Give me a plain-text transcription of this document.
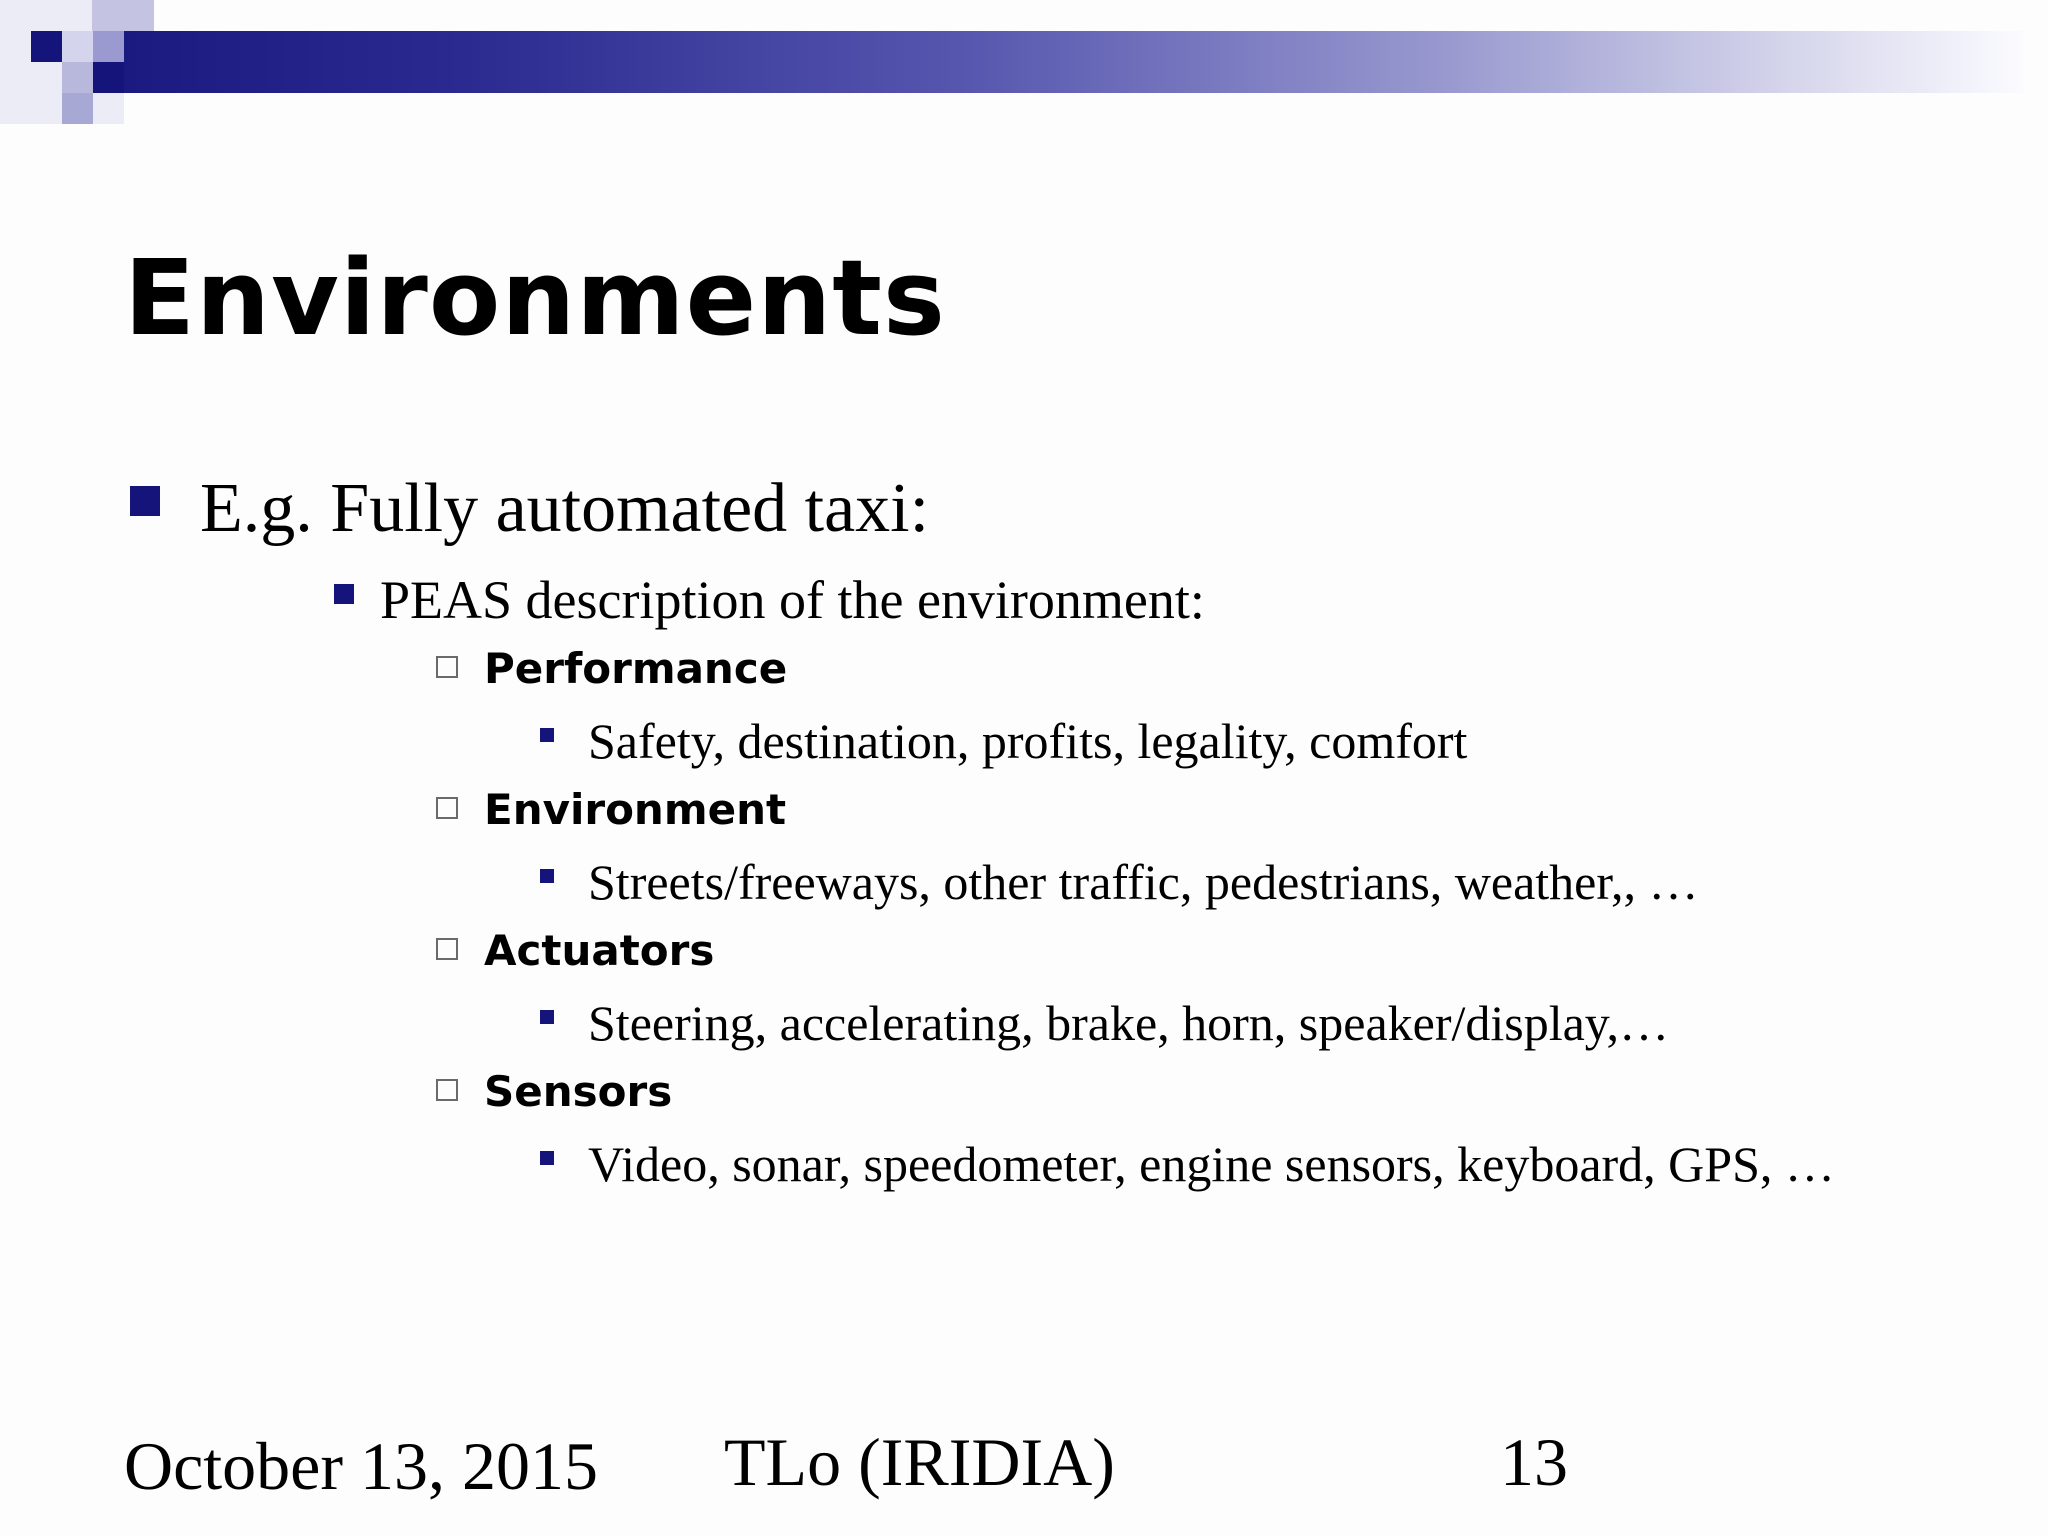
Environments
E.g. Fully automated taxi:
PEAS description of the environment:
Performance
Safety, destination, profits, legality, comfort
Environment
Streets/freeways, other traffic, pedestrians, weather,, …
Actuators
Steering, accelerating, brake, horn, speaker/display,…
Sensors
Video, sonar, speedometer, engine sensors, keyboard, GPS, …
October 13, 2015 TLo (IRIDIA)	13
